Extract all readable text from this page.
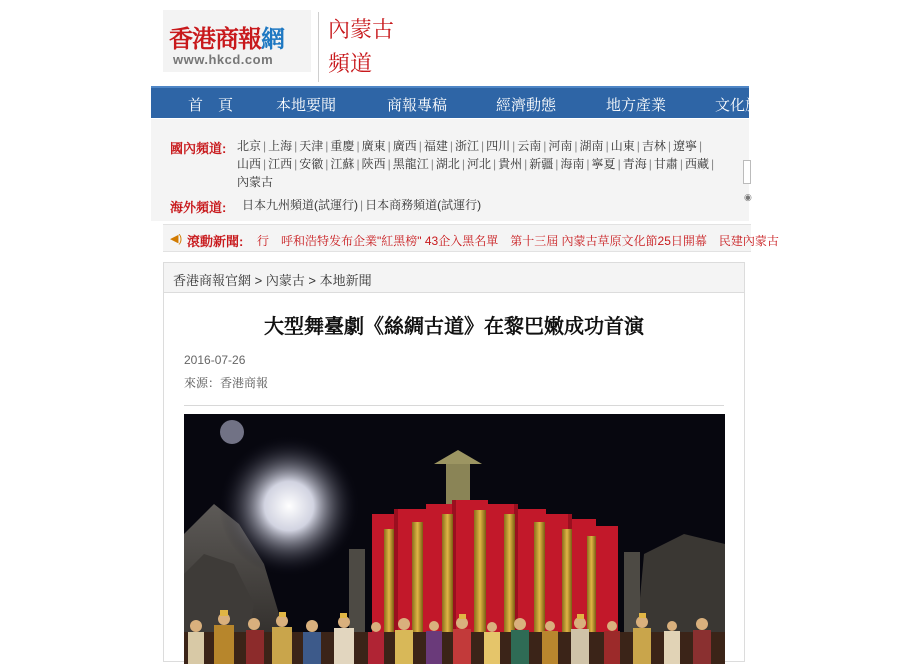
香港商報網
www.hkcd.com
內蒙古
頻道
首　頁	本地要聞	商報專稿	經濟動態	地方產業	文化旅
國內頻道: 北京 | 上海 | 天津 | 重慶 | 廣東 | 廣西 | 福建 | 浙江 | 四川 | 云南 | 河南 | 湖南 | 山東 | 吉林 | 遼寧 |山西 | 江西 | 安徽 | 江蘇 | 陝西 | 黑龍江 | 湖北 | 河北 | 貴州 | 新疆 | 海南 | 寧夏 | 青海 | 甘肅 | 西藏 |內蒙古
海外頻道: 日本九州頻道(試運行) | 日本商務頻道(試運行)
◉
◀) 滾動新聞: 行　呼和浩特发布企業"紅黑榜" 43企入黑名單　第十三屆 內蒙古草原文化節25日開幕　民建內蒙古
香港商報官網 > 內蒙古 > 本地新聞
大型舞臺劇《絲綢古道》在黎巴嫩成功首演
2016-07-26
來源：香港商報
